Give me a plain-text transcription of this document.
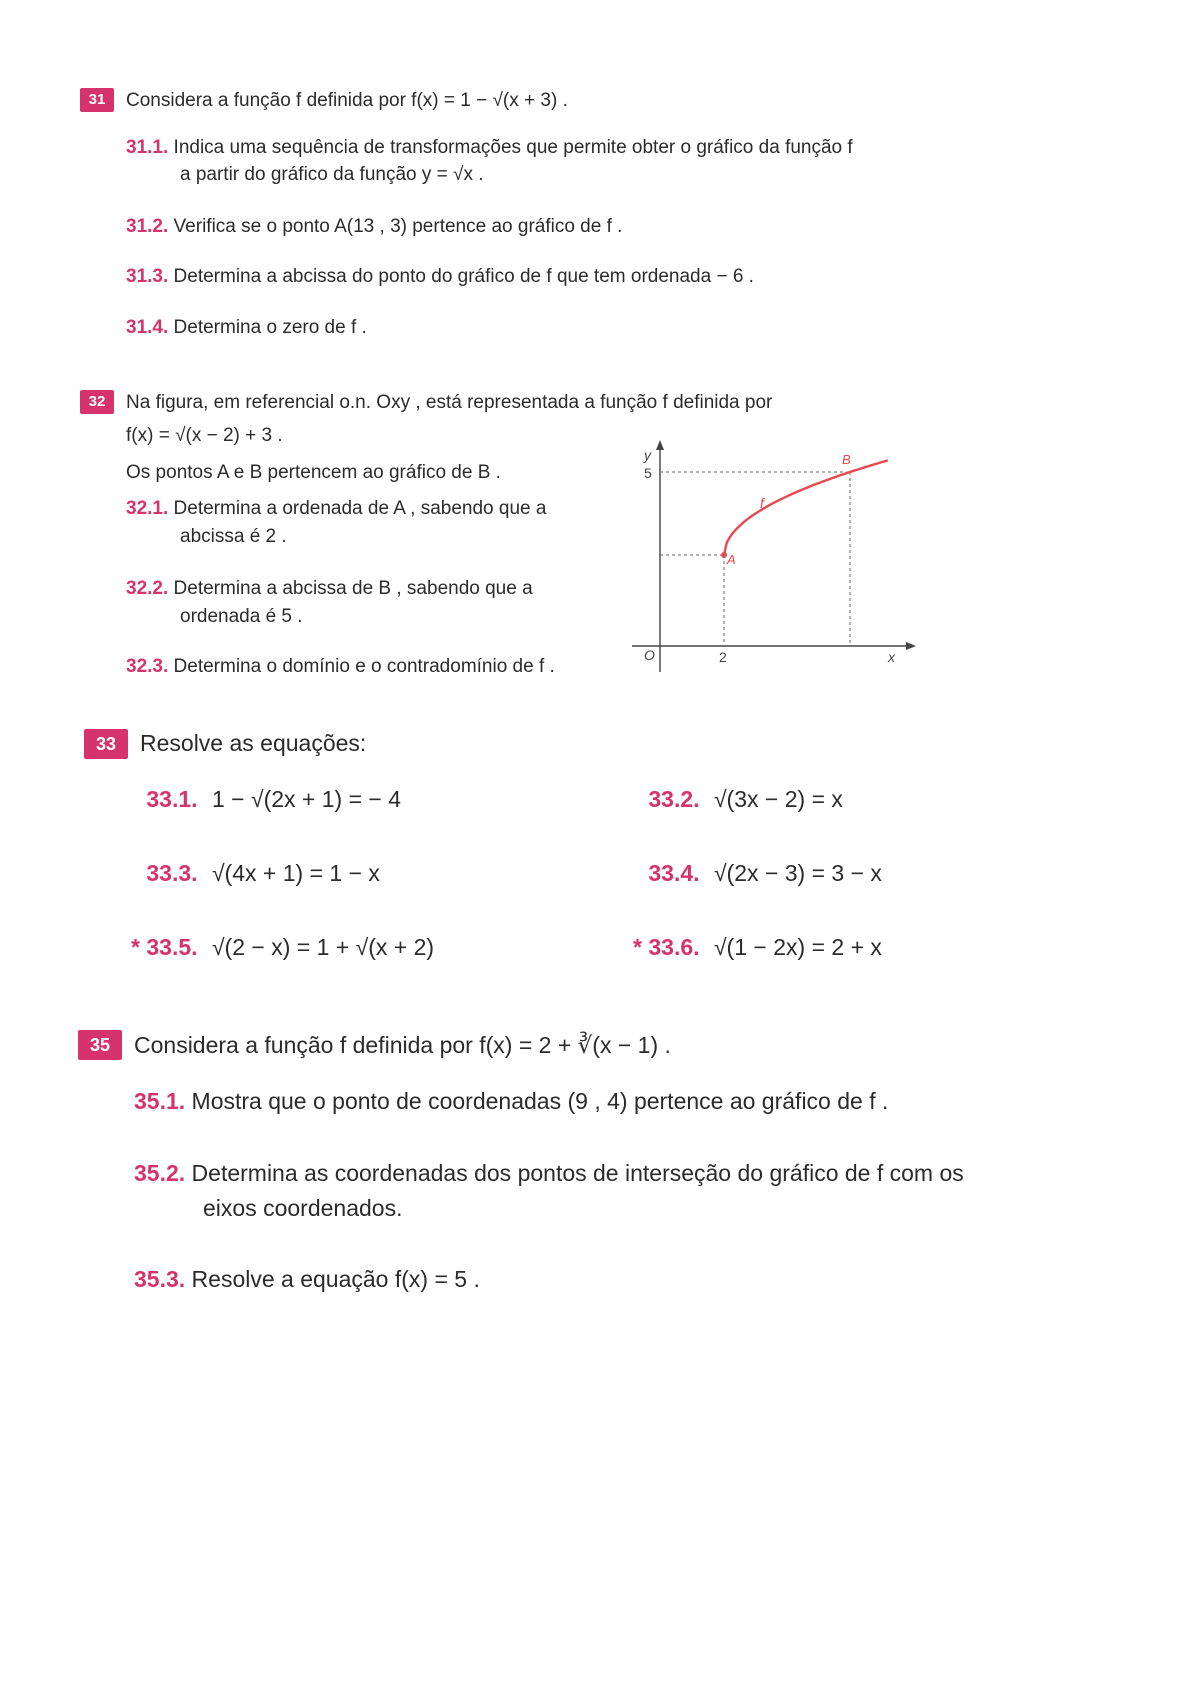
31	Considera a função f definida por f(x) = 1 − √(x + 3) .
31.1. Indica uma sequência de transformações que permite obter o gráfico da função f
a partir do gráfico da função y = √x .
31.2. Verifica se o ponto A(13 , 3) pertence ao gráfico de f .
31.3. Determina a abcissa do ponto do gráfico de f que tem ordenada − 6 .
31.4. Determina o zero de f .
32	Na figura, em referencial o.n. Oxy , está representada a função f definida por
f(x) = √(x − 2) + 3 .
Os pontos A e B pertencem ao gráfico de B .
32.1. Determina a ordenada de A , sabendo que a
abcissa é 2 .
32.2. Determina a abcissa de B , sabendo que a
ordenada é 5 .
32.3. Determina o domínio e o contradomínio de f .
y
x
O	2
5
f
A
B
33	Resolve as equações:
33.1. 1 − √(2x + 1) = − 4	33.2. √(3x − 2) = x
33.3. √(4x + 1) = 1 − x	33.4. √(2x − 3) = 3 − x
* 33.5. √(2 − x) = 1 + √(x + 2)	* 33.6. √(1 − 2x) = 2 + x
35	Considera a função f definida por f(x) = 2 + ∛(x − 1) .
35.1. Mostra que o ponto de coordenadas (9 , 4) pertence ao gráfico de f .
35.2. Determina as coordenadas dos pontos de interseção do gráfico de f com os
eixos coordenados.
35.3. Resolve a equação f(x) = 5 .
